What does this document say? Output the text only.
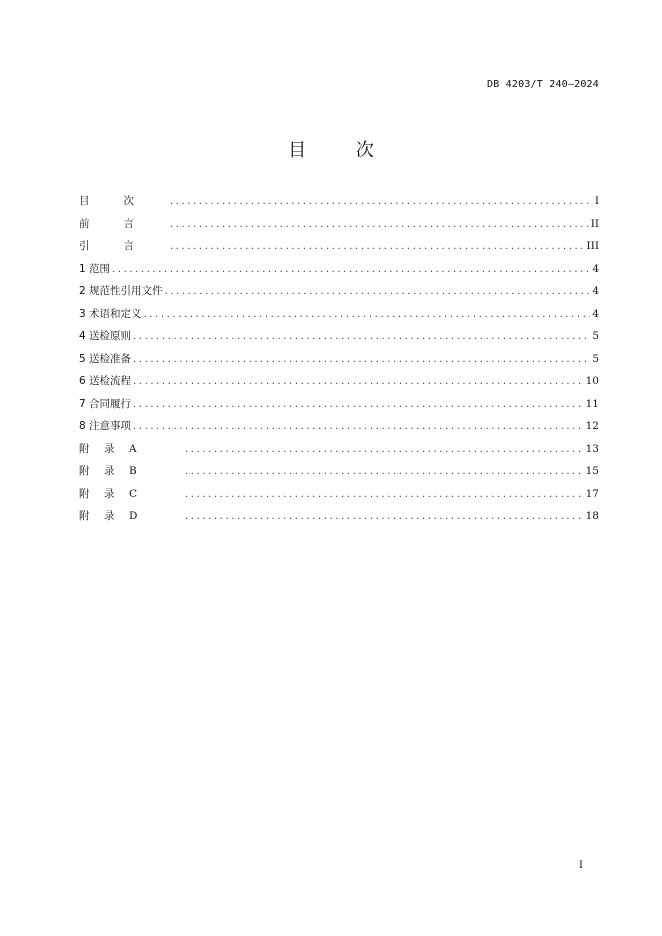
DB 4203/T 240—2024
目 次
目次 .....	I
前言 .....	II
引言 .....	III
1 范围 .....	4
2 规范性引用文件 .....	4
3 术语和定义 .....	4
4 送检原则 .....	5
5 送检准备 .....	5
6 送检流程 .....	10
7 合同履行 .....	11
8 注意事项 .....	12
附 录 A .....	13
附 录 B .....	15
附 录 C .....	17
附 录 D .....	18
I
